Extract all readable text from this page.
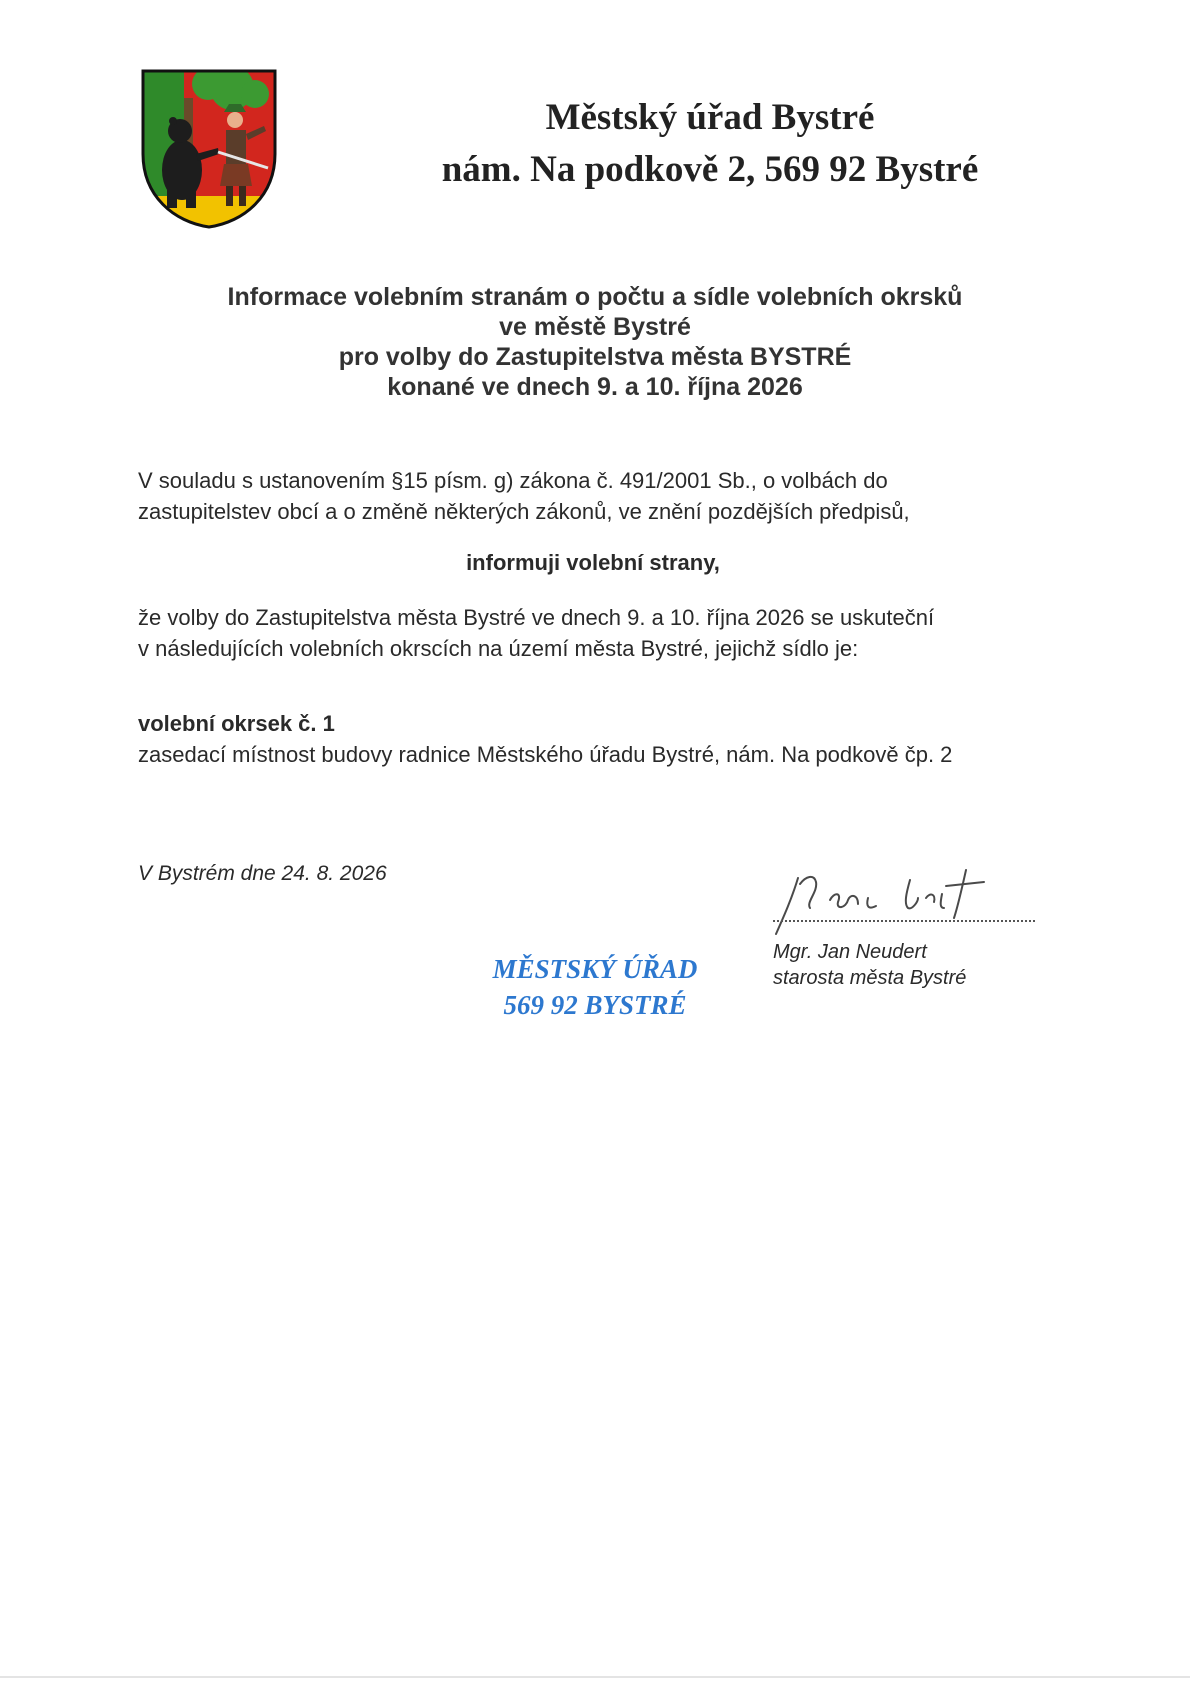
Městský úřad Bystré
nám. Na podkově 2, 569 92 Bystré
Informace volebním stranám o počtu a sídle volebních okrsků
ve městě Bystré
pro volby do Zastupitelstva města BYSTRÉ
konané ve dnech 9. a 10. října 2026
V souladu s ustanovením §15 písm. g) zákona č. 491/2001 Sb., o volbách do
zastupitelstev obcí a o změně některých zákonů, ve znění pozdějších předpisů,
informuji volební strany,
že volby do Zastupitelstva města Bystré ve dnech 9. a 10. října 2026 se uskuteční
v následujících volebních okrscích na území města Bystré, jejichž sídlo je:
volební okrsek č. 1
zasedací místnost budovy radnice Městského úřadu Bystré, nám. Na podkově čp. 2
V Bystrém dne 24. 8. 2026
MĚSTSKÝ ÚŘAD
569 92 BYSTRÉ
Mgr. Jan Neudert
starosta města Bystré
